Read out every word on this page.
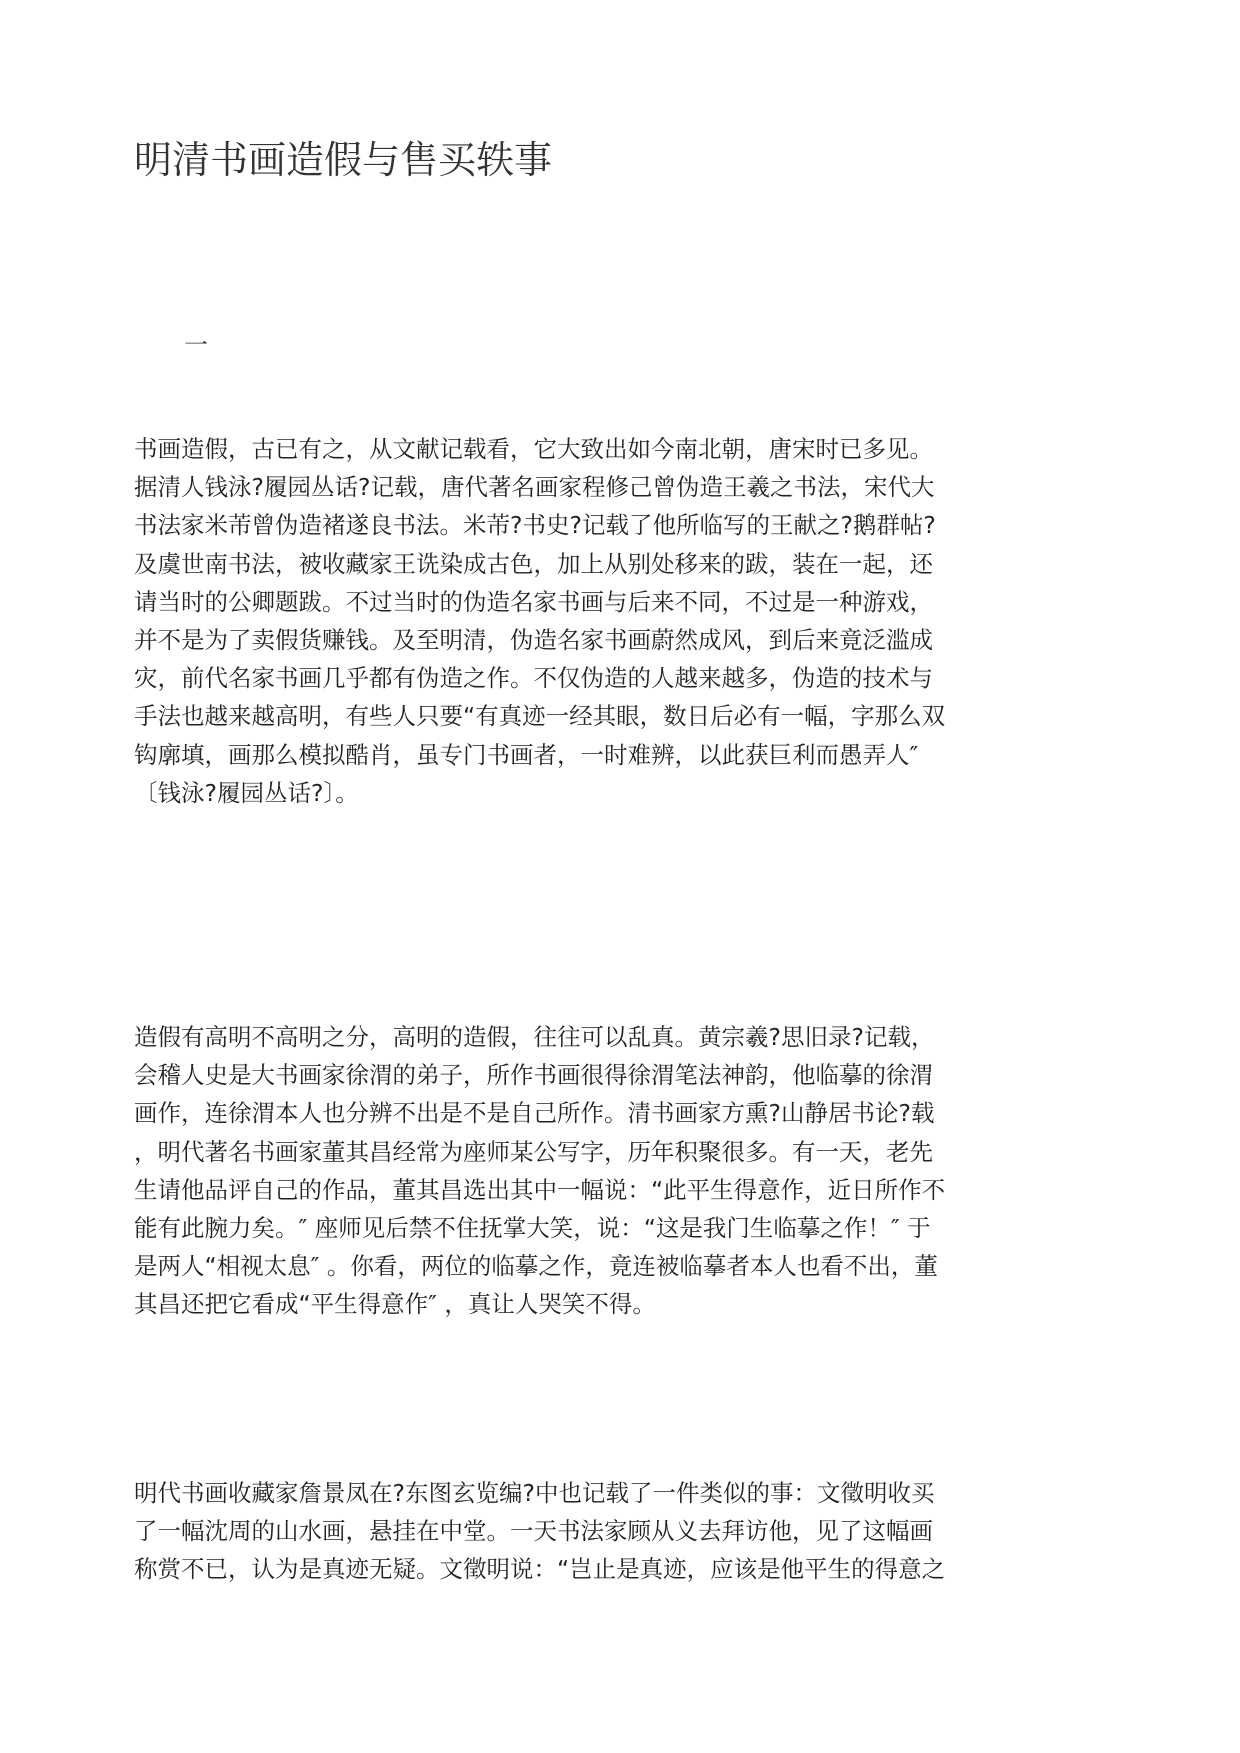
明清书画造假与售买轶事
一

书画造假，古已有之，从文献记载看，它大致出如今南北朝，唐宋时已多见。
据清人钱泳?履园丛话?记载，唐代著名画家程修己曾伪造王羲之书法，宋代大
书法家米芾曾伪造褚遂良书法。米芾?书史?记载了他所临写的王献之?鹅群帖?
及虞世南书法，被收藏家王诜染成古色，加上从别处移来的跋，装在一起，还
请当时的公卿题跋。不过当时的伪造名家书画与后来不同，不过是一种游戏，
并不是为了卖假货赚钱。及至明清，伪造名家书画蔚然成风，到后来竟泛滥成
灾，前代名家书画几乎都有伪造之作。不仅伪造的人越来越多，伪造的技术与
手法也越来越高明，有些人只要“有真迹一经其眼，数日后必有一幅，字那么双
钩廓填，画那么模拟酷肖，虽专门书画者，一时难辨，以此获巨利而愚弄人″
〔钱泳?履园丛话?〕。

造假有高明不高明之分，高明的造假，往往可以乱真。黄宗羲?思旧录?记载，
会稽人史是大书画家徐渭的弟子，所作书画很得徐渭笔法神韵，他临摹的徐渭
画作，连徐渭本人也分辨不出是不是自己所作。清书画家方熏?山静居书论?载
，明代著名书画家董其昌经常为座师某公写字，历年积聚很多。有一天，老先
生请他品评自己的作品，董其昌选出其中一幅说：“此平生得意作，近日所作不
能有此腕力矣。″ 座师见后禁不住抚掌大笑，说：“这是我门生临摹之作！″ 于
是两人“相视太息″ 。你看，两位的临摹之作，竟连被临摹者本人也看不出，董
其昌还把它看成“平生得意作″ ，真让人哭笑不得。

明代书画收藏家詹景凤在?东图玄览编?中也记载了一件类似的事：文徵明收买
了一幅沈周的山水画，悬挂在中堂。一天书法家顾从义去拜访他，见了这幅画
称赏不已，认为是真迹无疑。文徵明说：“岂止是真迹，应该是他平生的得意之
